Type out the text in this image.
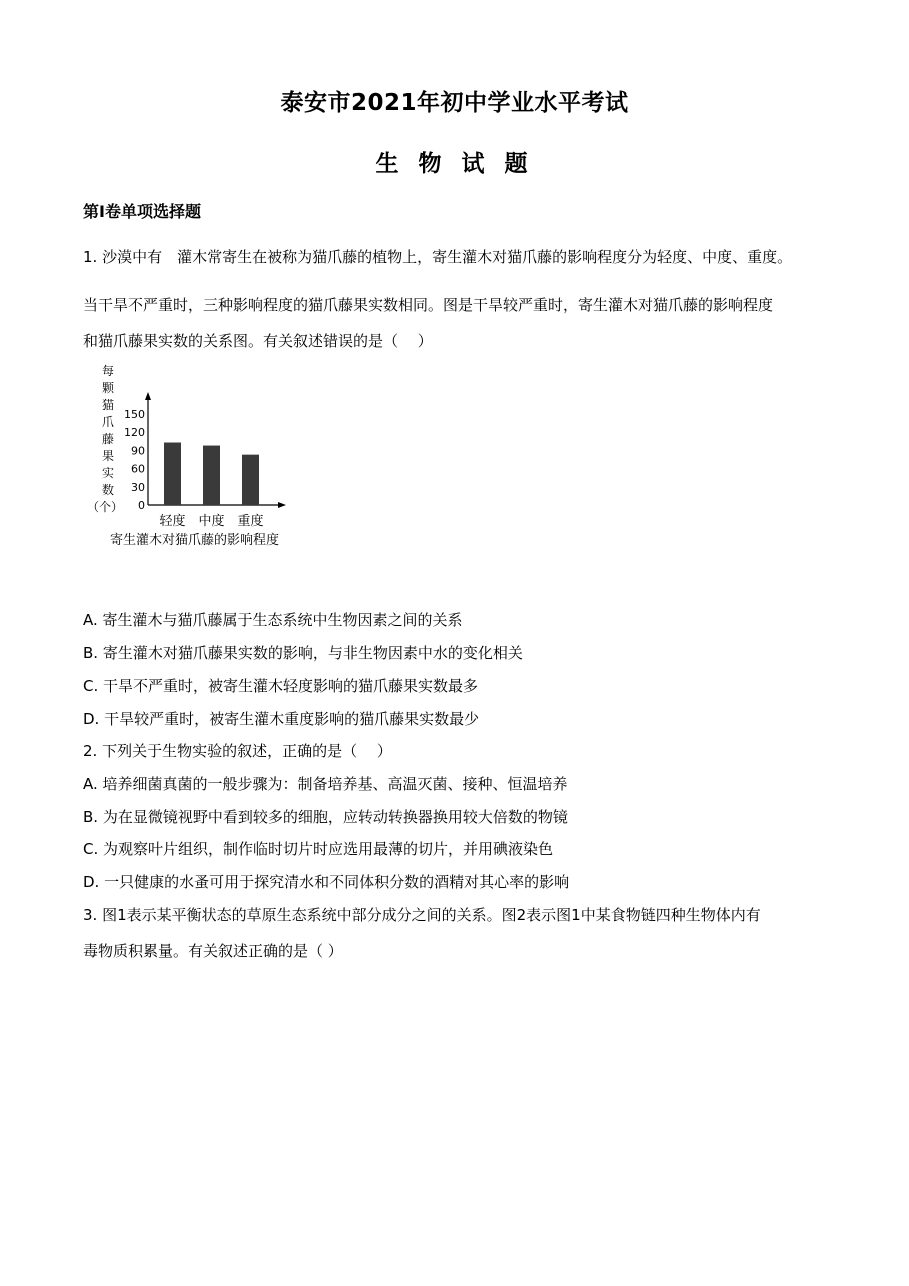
泰安市2021年初中学业水平考试
生 物 试 题
第I卷单项选择题
1. 沙漠中有　灌木常寄生在被称为猫爪藤的植物上，寄生灌木对猫爪藤的影响程度分为轻度、中度、重度。
当干旱不严重时，三种影响程度的猫爪藤果实数相同。图是干旱较严重时，寄生灌木对猫爪藤的影响程度
和猫爪藤果实数的关系图。有关叙述错误的是（　 ）
每
颗
猫
爪
藤
果
实
数
（个） 0
30
60
90
120
150
轻度 中度 重度
寄生灌木对猫爪藤的影响程度
A. 寄生灌木与猫爪藤属于生态系统中生物因素之间的关系
B. 寄生灌木对猫爪藤果实数的影响，与非生物因素中水的变化相关
C. 干旱不严重时，被寄生灌木轻度影响的猫爪藤果实数最多
D. 干旱较严重时，被寄生灌木重度影响的猫爪藤果实数最少
2. 下列关于生物实验的叙述，正确的是（　 ）
A. 培养细菌真菌的一般步骤为：制备培养基、高温灭菌、接种、恒温培养
B. 为在显微镜视野中看到较多的细胞，应转动转换器换用较大倍数的物镜
C. 为观察叶片组织，制作临时切片时应选用最薄的切片，并用碘液染色
D. 一只健康的水蚤可用于探究清水和不同体积分数的酒精对其心率的影响
3. 图1表示某平衡状态的草原生态系统中部分成分之间的关系。图2表示图1中某食物链四种生物体内有
毒物质积累量。有关叙述正确的是（ ）
